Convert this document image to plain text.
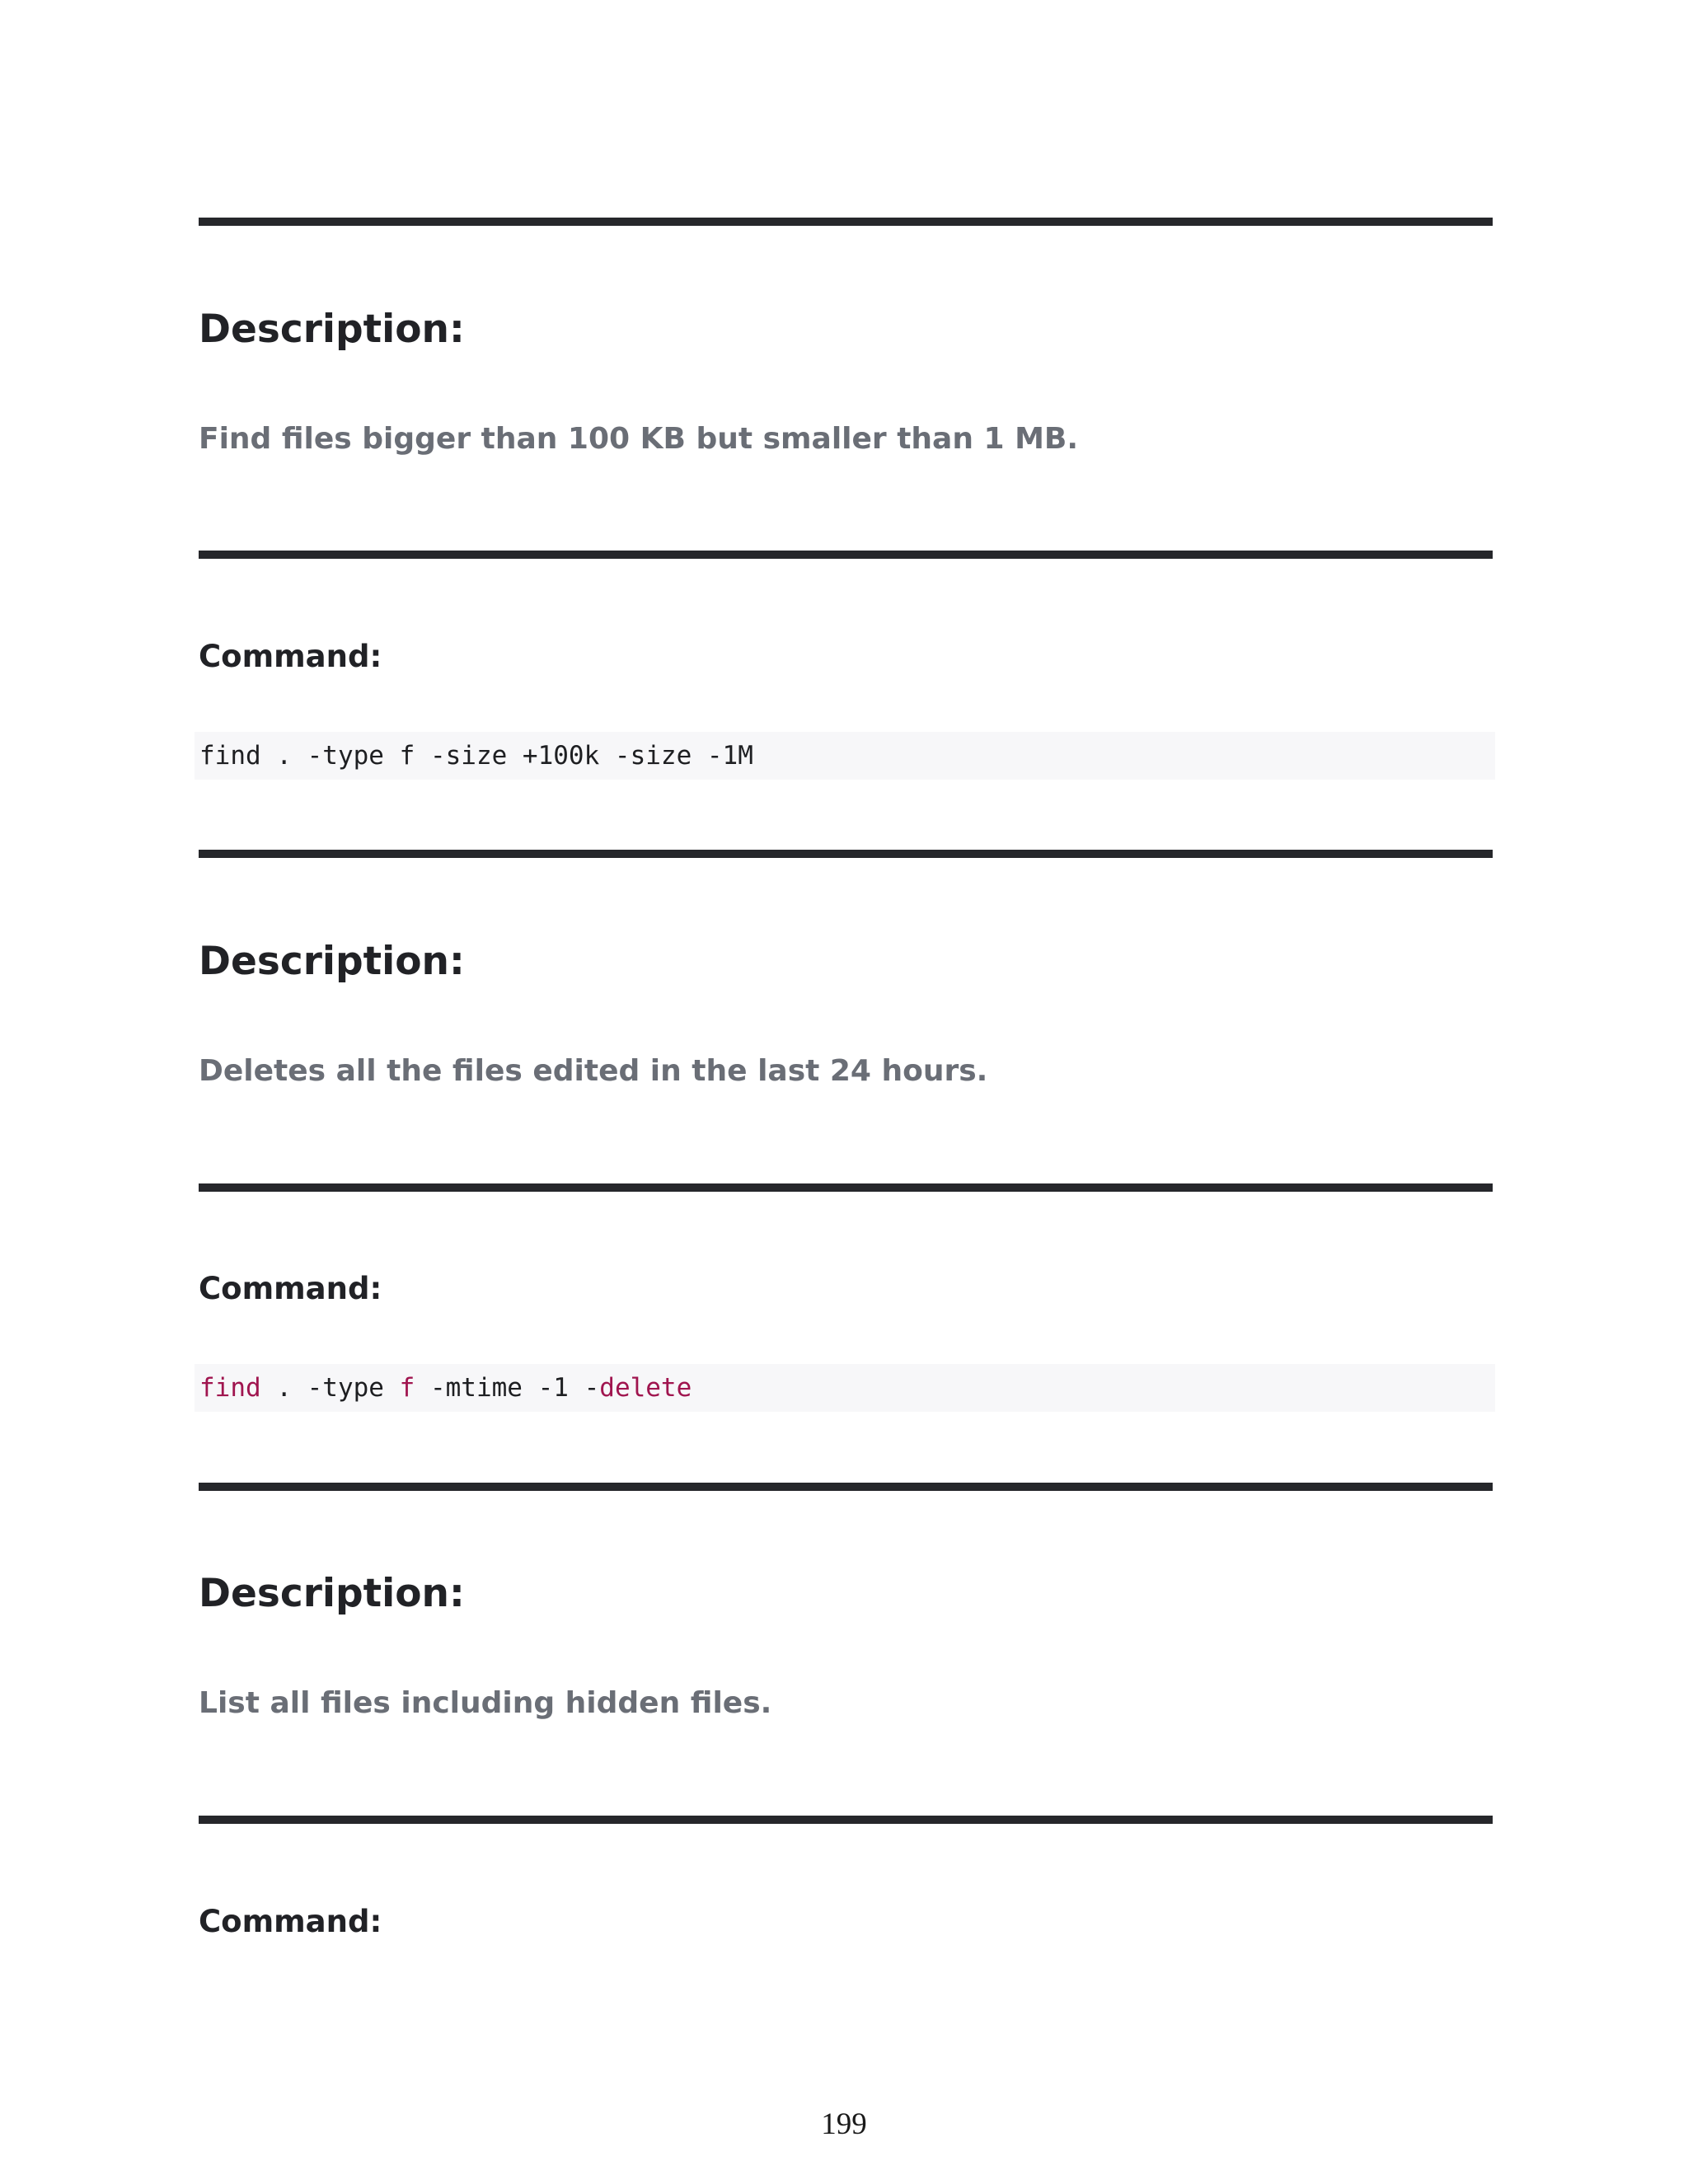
Description:

Find files bigger than 100 KB but smaller than 1 MB.

Command:
find . -type f -size +100k -size -1M
Description:

Deletes all the files edited in the last 24 hours.

Command:
find . -type f -mtime -1 -delete
Description:

List all files including hidden files.

Command:
199
